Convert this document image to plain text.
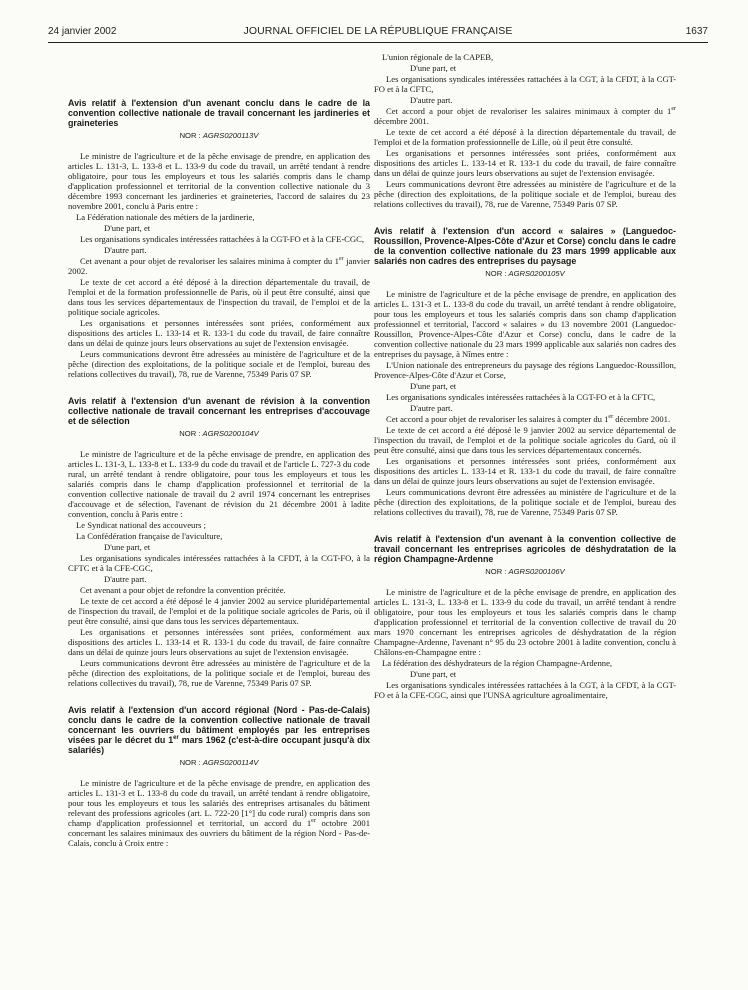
24 janvier 2002	JOURNAL OFFICIEL DE LA RÉPUBLIQUE FRANÇAISE	1637
Avis relatif à l'extension d'un avenant conclu dans le cadre de la convention collective nationale de travail concernant les jardineries et graineteries
NOR : AGRS0200113V

Le ministre de l'agriculture et de la pêche envisage de prendre, en application des articles L. 131-3, L. 133-8 et L. 133-9 du code du travail, un arrêté tendant à rendre obligatoire, pour tous les employeurs et tous les salariés compris dans le champ d'application professionnel et territorial de la convention collective nationale du 3 décembre 1993 concernant les jardineries et graineteries, l'accord de salaires du 23 novembre 2001, conclu à Paris entre :

La Fédération nationale des métiers de la jardinerie,

D'une part, et

Les organisations syndicales intéressées rattachées à la CGT-FO et à la CFE-CGC,

D'autre part.

Cet avenant a pour objet de revaloriser les salaires minima à compter du 1er janvier 2002.

Le texte de cet accord a été déposé à la direction départementale du travail, de l'emploi et de la formation professionnelle de Paris, où il peut être consulté, ainsi que dans tous les services départementaux de l'inspection du travail, de l'emploi et de la politique sociale agricoles.

Les organisations et personnes intéressées sont priées, conformément aux dispositions des articles L. 133-14 et R. 133-1 du code du travail, de faire connaître dans un délai de quinze jours leurs observations au sujet de l'extension envisagée.

Leurs communications devront être adressées au ministère de l'agriculture et de la pêche (direction des exploitations, de la politique sociale et de l'emploi, bureau des relations collectives du travail), 78, rue de Varenne, 75349 Paris 07 SP.

Avis relatif à l'extension d'un avenant de révision à la convention collective nationale de travail concernant les entreprises d'accouvage et de sélection
NOR : AGRS0200104V

Le ministre de l'agriculture et de la pêche envisage de prendre, en application des articles L. 131-3, L. 133-8 et L. 133-9 du code du travail et de l'article L. 727-3 du code rural, un arrêté tendant à rendre obligatoire, pour tous les employeurs et tous les salariés compris dans le champ d'application professionnel et territorial de la convention collective nationale de travail du 2 avril 1974 concernant les entreprises d'accouvage et de sélection, l'avenant de révision du 21 décembre 2001 à ladite convention, conclu à Paris entre :

Le Syndicat national des accouveurs ;

La Confédération française de l'aviculture,

D'une part, et

Les organisations syndicales intéressées rattachées à la CFDT, à la CGT-FO, à la CFTC et à la CFE-CGC,

D'autre part.

Cet avenant a pour objet de refondre la convention précitée.

Le texte de cet accord a été déposé le 4 janvier 2002 au service pluridépartemental de l'inspection du travail, de l'emploi et de la politique sociale agricoles de Paris, où il peut être consulté, ainsi que dans tous les services départementaux.

Les organisations et personnes intéressées sont priées, conformément aux dispositions des articles L. 133-14 et R. 133-1 du code du travail, de faire connaître dans un délai de quinze jours leurs observations au sujet de l'extension envisagée.

Leurs communications devront être adressées au ministère de l'agriculture et de la pêche (direction des exploitations, de la politique sociale et de l'emploi, bureau des relations collectives du travail), 78, rue de Varenne, 75349 Paris 07 SP.

Avis relatif à l'extension d'un accord régional (Nord - Pas-de-Calais) conclu dans le cadre de la convention collective nationale de travail concernant les ouvriers du bâtiment employés par les entreprises visées par le décret du 1er mars 1962 (c'est-à-dire occupant jusqu'à dix salariés)
NOR : AGRS0200114V

Le ministre de l'agriculture et de la pêche envisage de prendre, en application des articles L. 131-3 et L. 133-8 du code du travail, un arrêté tendant à rendre obligatoire, pour tous les employeurs et tous les salariés des entreprises artisanales du bâtiment relevant des professions agricoles (art. L. 722-20 [1°] du code rural) compris dans son champ d'application professionnel et territorial, un accord du 1er octobre 2001 concernant les salaires minimaux des ouvriers du bâtiment de la région Nord - Pas-de-Calais, conclu à Croix entre :

L'union régionale de la CAPEB,

D'une part, et

Les organisations syndicales intéressées rattachées à la CGT, à la CFDT, à la CGT-FO et à la CFTC,

D'autre part.

Cet accord a pour objet de revaloriser les salaires minimaux à compter du 1er décembre 2001.

Le texte de cet accord a été déposé à la direction départementale du travail, de l'emploi et de la formation professionnelle de Lille, où il peut être consulté.

Les organisations et personnes intéressées sont priées, conformément aux dispositions des articles L. 133-14 et R. 133-1 du code du travail, de faire connaître dans un délai de quinze jours leurs observations au sujet de l'extension envisagée.

Leurs communications devront être adressées au ministère de l'agriculture et de la pêche (direction des exploitations, de la politique sociale et de l'emploi, bureau des relations collectives du travail), 78, rue de Varenne, 75349 Paris 07 SP.

Avis relatif à l'extension d'un accord « salaires » (Languedoc-Roussillon, Provence-Alpes-Côte d'Azur et Corse) conclu dans le cadre de la convention collective nationale du 23 mars 1999 applicable aux salariés non cadres des entreprises du paysage
NOR : AGRS0200105V

Le ministre de l'agriculture et de la pêche envisage de prendre, en application des articles L. 131-3 et L. 133-8 du code du travail, un arrêté tendant à rendre obligatoire, pour tous les employeurs et tous les salariés compris dans son champ d'application professionnel et territorial, l'accord « salaires » du 13 novembre 2001 (Languedoc-Roussillon, Provence-Alpes-Côte d'Azur et Corse) conclu, dans le cadre de la convention collective nationale du 23 mars 1999 applicable aux salariés non cadres des entreprises du paysage, à Nîmes entre :

L'Union nationale des entrepreneurs du paysage des régions Languedoc-Roussillon, Provence-Alpes-Côte d'Azur et Corse,

D'une part, et

Les organisations syndicales intéressées rattachées à la CGT-FO et à la CFTC,

D'autre part.

Cet accord a pour objet de revaloriser les salaires à compter du 1er décembre 2001.

Le texte de cet accord a été déposé le 9 janvier 2002 au service départemental de l'inspection du travail, de l'emploi et de la politique sociale agricoles du Gard, où il peut être consulté, ainsi que dans tous les services départementaux concernés.

Les organisations et personnes intéressées sont priées, conformément aux dispositions des articles L. 133-14 et R. 133-1 du code du travail, de faire connaître dans un délai de quinze jours leurs observations au sujet de l'extension envisagée.

Leurs communications devront être adressées au ministère de l'agriculture et de la pêche (direction des exploitations, de la politique sociale et de l'emploi, bureau des relations collectives du travail), 78, rue de Varenne, 75349 Paris 07 SP.

Avis relatif à l'extension d'un avenant à la convention collective de travail concernant les entreprises agricoles de déshydratation de la région Champagne-Ardenne
NOR : AGRS0200106V

Le ministre de l'agriculture et de la pêche envisage de prendre, en application des articles L. 131-3, L. 133-8 et L. 133-9 du code du travail, un arrêté tendant à rendre obligatoire, pour tous les employeurs et tous les salariés compris dans le champ d'application professionnel et territorial de la convention collective de travail du 20 mars 1970 concernant les entreprises agricoles de déshydratation de la région Champagne-Ardenne, l'avenant n° 95 du 23 octobre 2001 à ladite convention, conclu à Châlons-en-Champagne entre :

La fédération des déshydrateurs de la région Champagne-Ardenne,

D'une part, et

Les organisations syndicales intéressées rattachées à la CGT, à la CFDT, à la CGT-FO et à la CFE-CGC, ainsi que l'UNSA agriculture agroalimentaire,
